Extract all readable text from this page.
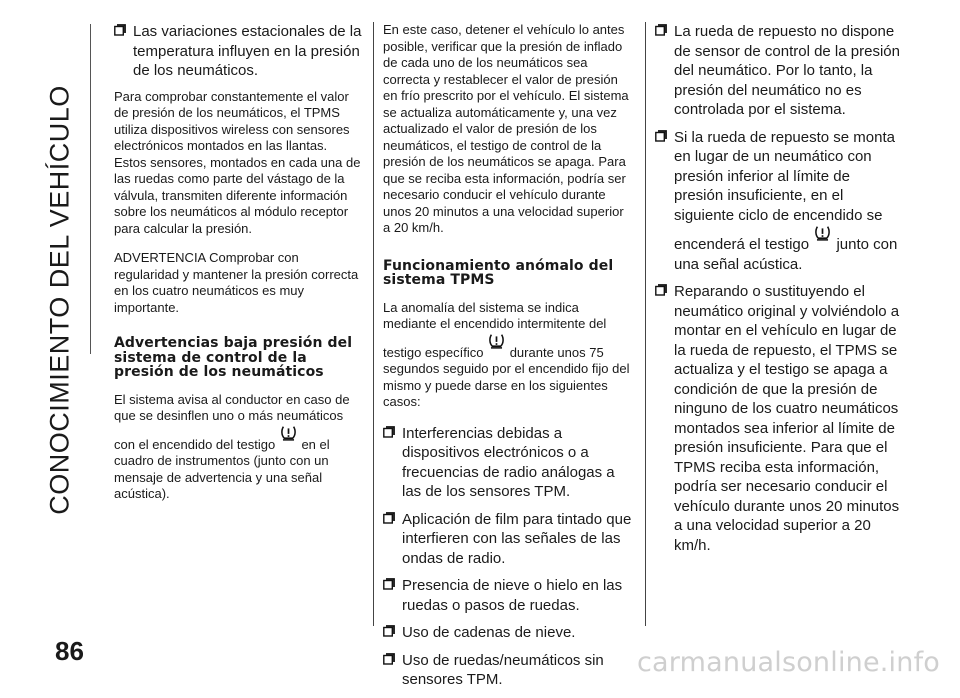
CONOCIMIENTO DEL VEHÍCULO
86	carmanualsonline.info

Las variaciones estacionales de la temperatura influyen en la presión de los neumáticos.

Para comprobar constantemente el valor de presión de los neumáticos, el TPMS utiliza dispositivos wireless con sensores electrónicos montados en las llantas. Estos sensores, montados en cada una de las ruedas como parte del vástago de la válvula, transmiten diferente información sobre los neumáticos al módulo receptor para calcular la presión.

ADVERTENCIA Comprobar con regularidad y mantener la presión correcta en los cuatro neumáticos es muy importante.

Advertencias baja presión del sistema de control de la presión de los neumáticos

El sistema avisa al conductor en caso de que se desinflen uno o más neumáticos con el encendido del testigo en el cuadro de instrumentos (junto con un mensaje de advertencia y una señal acústica).

En este caso, detener el vehículo lo antes posible, verificar que la presión de inflado de cada uno de los neumáticos sea correcta y restablecer el valor de presión en frío prescrito por el vehículo. El sistema se actualiza automáticamente y, una vez actualizado el valor de presión de los neumáticos, el testigo de control de la presión de los neumáticos se apaga. Para que se reciba esta información, podría ser necesario conducir el vehículo durante unos 20 minutos a una velocidad superior a 20 km/h.

Funcionamiento anómalo del sistema TPMS

La anomalía del sistema se indica mediante el encendido intermitente del testigo específico durante unos 75 segundos seguido por el encendido fijo del mismo y puede darse en los siguientes casos:

Interferencias debidas a dispositivos electrónicos o a frecuencias de radio análogas a las de los sensores TPM.

Aplicación de film para tintado que interfieren con las señales de las ondas de radio.

Presencia de nieve o hielo en las ruedas o pasos de ruedas.

Uso de cadenas de nieve.

Uso de ruedas/neumáticos sin sensores TPM.

La rueda de repuesto no dispone de sensor de control de la presión del neumático. Por lo tanto, la presión del neumático no es controlada por el sistema.

Si la rueda de repuesto se monta en lugar de un neumático con presión inferior al límite de presión insuficiente, en el siguiente ciclo de encendido se encenderá el testigo junto con una señal acústica.

Reparando o sustituyendo el neumático original y volviéndolo a montar en el vehículo en lugar de la rueda de repuesto, el TPMS se actualiza y el testigo se apaga a condición de que la presión de ninguno de los cuatro neumáticos montados sea inferior al límite de presión insuficiente. Para que el TPMS reciba esta información, podría ser necesario conducir el vehículo durante unos 20 minutos a una velocidad superior a 20 km/h.
